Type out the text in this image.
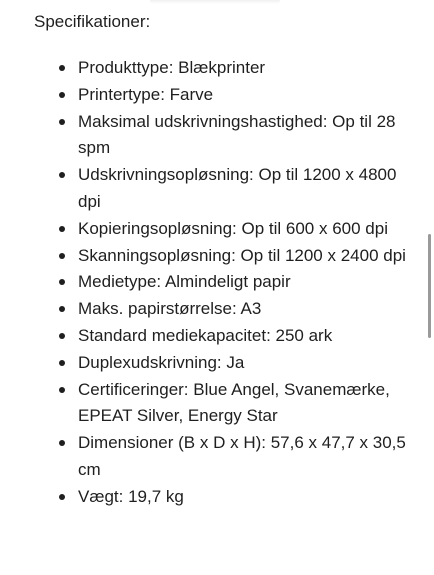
Specifikationer:
Produkttype: Blækprinter
Printertype: Farve
Maksimal udskrivningshastighed: Op til 28 spm
Udskrivningsopløsning: Op til 1200 x 4800 dpi
Kopieringsopløsning: Op til 600 x 600 dpi
Skanningsopløsning: Op til 1200 x 2400 dpi
Medietype: Almindeligt papir
Maks. papirstørrelse: A3
Standard mediekapacitet: 250 ark
Duplexudskrivning: Ja
Certificeringer: Blue Angel, Svanemærke, EPEAT Silver, Energy Star
Dimensioner (B x D x H): 57,6 x 47,7 x 30,5 cm
Vægt: 19,7 kg
